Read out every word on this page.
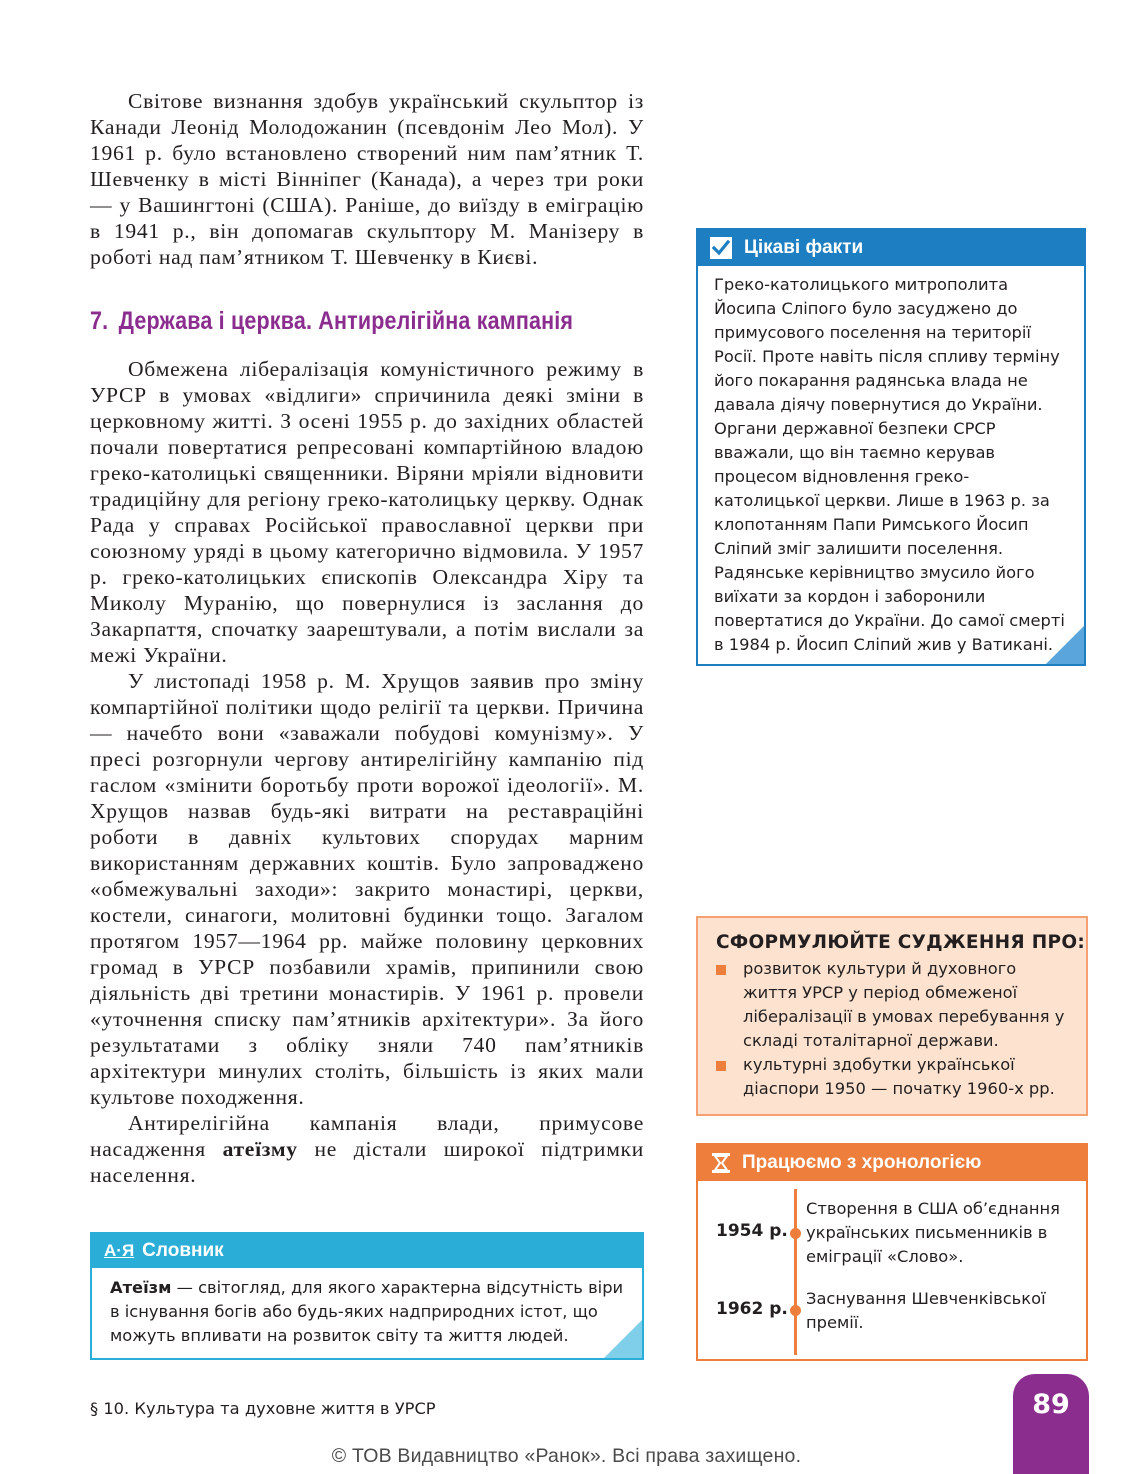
Світове визнання здобув український скульптор із Канади Леонід Молодожанин (псевдонім Лео Мол). У 1961 р. було встановлено створений ним пам’ятник Т. Шевченку в місті Вінніпег (Канада), а через три роки — у Вашингтоні (США). Раніше, до виїзду в еміграцію в 1941 р., він допомагав скульптору М. Манізеру в роботі над пам’ятником Т. Шевченку в Києві.

7. Держава і церква. Антирелігійна кампанія

Обмежена лібералізація комуністичного режиму в УРСР в умовах «відлиги» спричинила деякі зміни в церковному житті. З осені 1955 р. до західних областей почали повертатися репресовані компартійною владою греко-католицькі священники. Віряни мріяли відновити традиційну для регіону греко-католицьку церкву. Однак Рада у справах Російської православної церкви при союзному уряді в цьому категорично відмовила. У 1957 р. греко-католицьких єпископів Олександра Хіру та Миколу Муранію, що повернулися із заслання до Закарпаття, спочатку заарештували, а потім вислали за межі України.

У листопаді 1958 р. М. Хрущов заявив про зміну компартійної політики щодо релігії та церкви. Причина — начебто вони «заважали побудові комунізму». У пресі розгорнули чергову антирелігійну кампанію під гаслом «змінити боротьбу проти ворожої ідеології». М. Хрущов назвав будь-які витрати на реставраційні роботи в давніх культових спорудах марним використанням державних коштів. Було запроваджено «обмежувальні заходи»: закрито монастирі, церкви, костели, синагоги, молитовні будинки тощо. Загалом протягом 1957—1964 рр. майже половину церковних громад в УРСР позбавили храмів, припинили свою діяльність дві третини монастирів. У 1961 р. провели «уточнення списку пам’ятників архітектури». За його результатами з обліку зняли 740 пам’ятників архітектури минулих століть, більшість із яких мали культове походження.

Антирелігійна кампанія влади, примусове насадження атеїзму не дістали широкої підтримки населення.

Цікаві факти
Греко-католицького митрополита Йосипа Сліпого було засуджено до примусового поселення на території Росії. Проте навіть після спливу терміну його покарання радянська влада не давала діячу повернутися до України. Органи державної безпеки СРСР вважали, що він таємно керував процесом відновлення греко-католицької церкви. Лише в 1963 р. за клопотанням Папи Римського Йосип Сліпий зміг залишити поселення. Радянське керівництво змусило його виїхати за кордон і заборонили повертатися до України. До самої смерті в 1984 р. Йосип Сліпий жив у Ватикані.
СФОРМУЛЮЙТЕ СУДЖЕННЯ ПРО:
розвиток культури й духовного життя УРСР у період обмеженої лібералізації в умовах перебування у складі тоталітарної держави.
культурні здобутки української діаспори 1950 — початку 1960-х рр.
Працюємо з хронологією
1954 р.
Створення в США об’єднання українських письменників в еміграції «Слово».
1962 р.
Заснування Шевченківської премії.
А·Я Словник
Атеїзм — світогляд, для якого характерна відсутність віри в існування богів або будь-яких надприродних істот, що можуть впливати на розвиток світу та життя людей.
§ 10. Культура та духовне життя в УРСР	89
© ТОВ Видавництво «Ранок». Всі права захищено.
